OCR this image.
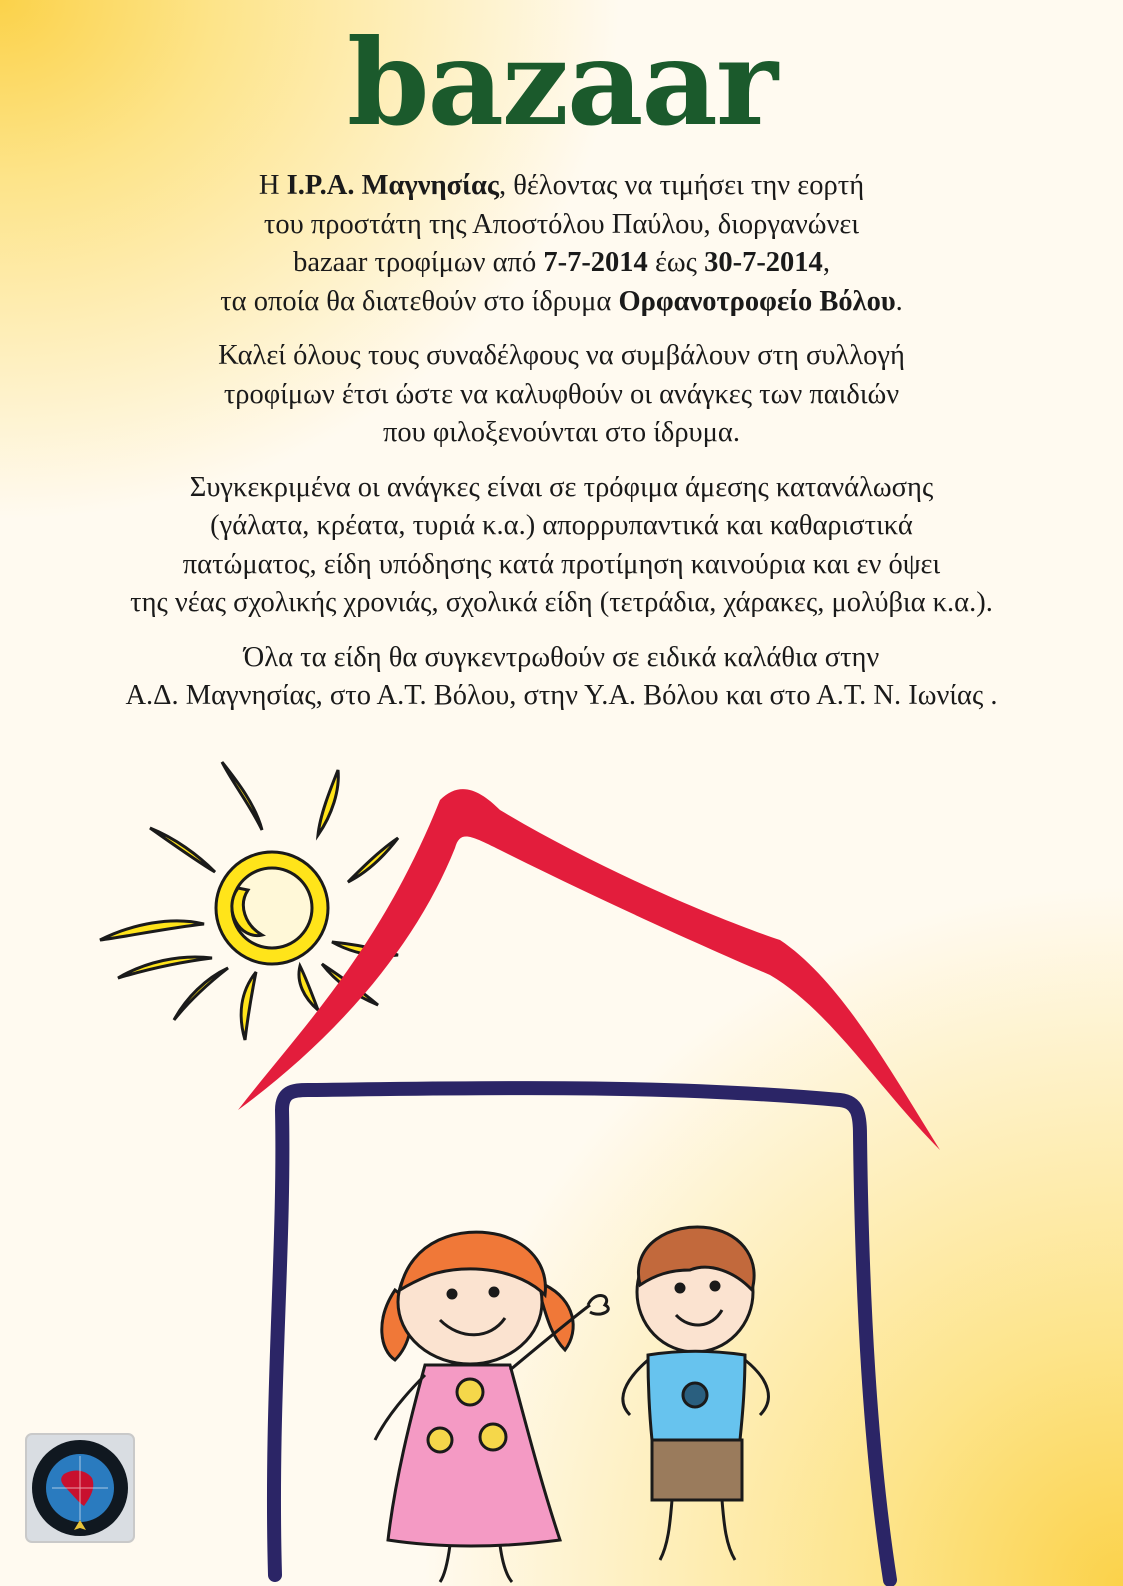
bazaar
Η Ι.Ρ.Α. Μαγνησίας, θέλοντας να τιμήσει την εορτή
του προστάτη της Αποστόλου Παύλου, διοργανώνει
bazaar τροφίμων από 7-7-2014 έως 30-7-2014,
τα οποία θα διατεθούν στο ίδρυμα Ορφανοτροφείο Βόλου.
Καλεί όλους τους συναδέλφους να συμβάλουν στη συλλογή
τροφίμων έτσι ώστε να καλυφθούν οι ανάγκες των παιδιών
που φιλοξενούνται στο ίδρυμα.
Συγκεκριμένα οι ανάγκες είναι σε τρόφιμα άμεσης κατανάλωσης
(γάλατα, κρέατα, τυριά κ.α.) απορρυπαντικά και καθαριστικά
πατώματος, είδη υπόδησης κατά προτίμηση καινούρια και εν όψει
της νέας σχολικής χρονιάς, σχολικά είδη (τετράδια, χάρακες, μολύβια κ.α.).
Όλα τα είδη θα συγκεντρωθούν σε ειδικά καλάθια στην
Α.Δ. Μαγνησίας, στο Α.Τ. Βόλου, στην Υ.Α. Βόλου και στο Α.Τ. Ν. Ιωνίας .
